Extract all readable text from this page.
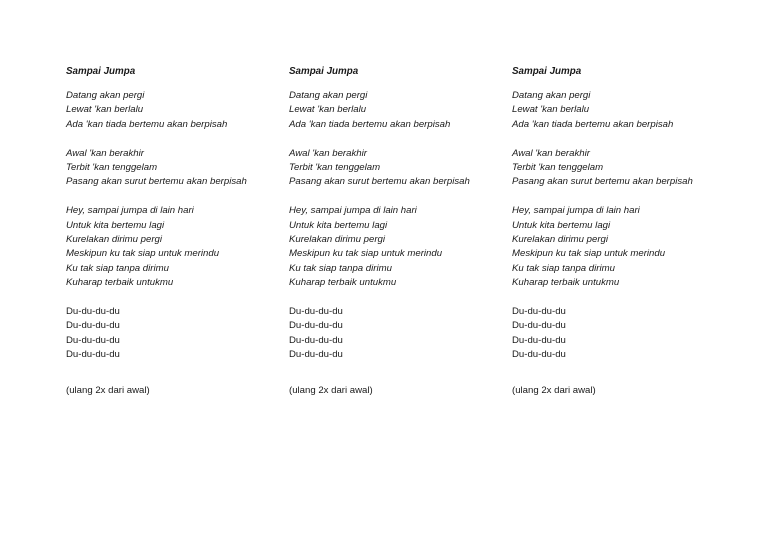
Sampai Jumpa
Datang akan pergi
Lewat 'kan berlalu
Ada 'kan tiada bertemu akan berpisah
Awal 'kan berakhir
Terbit 'kan tenggelam
Pasang akan surut bertemu akan berpisah
Hey, sampai jumpa di lain hari
Untuk kita bertemu lagi
Kurelakan dirimu pergi
Meskipun ku tak siap untuk merindu
Ku tak siap tanpa dirimu
Kuharap terbaik untukmu
Du-du-du-du
Du-du-du-du
Du-du-du-du
Du-du-du-du
(ulang 2x dari awal)
Sampai Jumpa
Datang akan pergi
Lewat 'kan berlalu
Ada 'kan tiada bertemu akan berpisah
Awal 'kan berakhir
Terbit 'kan tenggelam
Pasang akan surut bertemu akan berpisah
Hey, sampai jumpa di lain hari
Untuk kita bertemu lagi
Kurelakan dirimu pergi
Meskipun ku tak siap untuk merindu
Ku tak siap tanpa dirimu
Kuharap terbaik untukmu
Du-du-du-du
Du-du-du-du
Du-du-du-du
Du-du-du-du
(ulang 2x dari awal)
Sampai Jumpa
Datang akan pergi
Lewat 'kan berlalu
Ada 'kan tiada bertemu akan berpisah
Awal 'kan berakhir
Terbit 'kan tenggelam
Pasang akan surut bertemu akan berpisah
Hey, sampai jumpa di lain hari
Untuk kita bertemu lagi
Kurelakan dirimu pergi
Meskipun ku tak siap untuk merindu
Ku tak siap tanpa dirimu
Kuharap terbaik untukmu
Du-du-du-du
Du-du-du-du
Du-du-du-du
Du-du-du-du
(ulang 2x dari awal)
